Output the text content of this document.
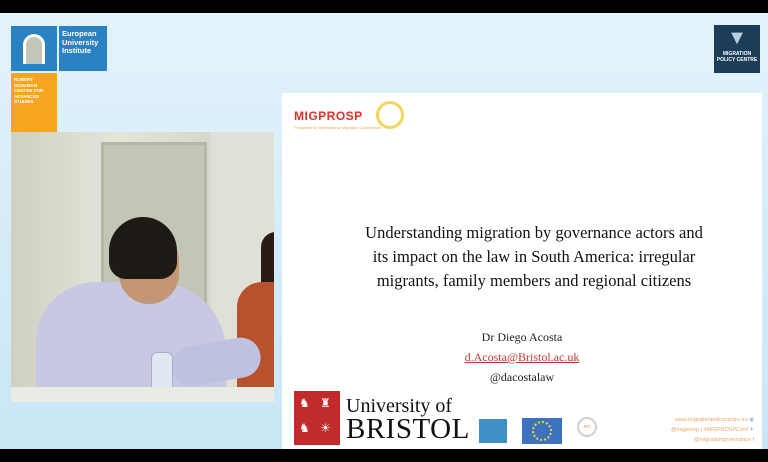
European
University
Institute
ROBERT SCHUMAN CENTRE FOR ADVANCED STUDIES
▼
MIGRATION
POLICY CENTRE
MIGPROSP
Prospects for International Migration Governance
Understanding migration by governance actors and
its impact on the law in South America: irregular
migrants, family members and regional citizens
Dr Diego Acosta
d.Acosta@Bristol.ac.uk
@dacostalaw
♞ ♜
♞ ☀
University of
BRISTOL	erc
www.migrationpolicycentre.eu ◉
@migprosp | #MIGPROSPConf ✦
@migrationgovernance f
